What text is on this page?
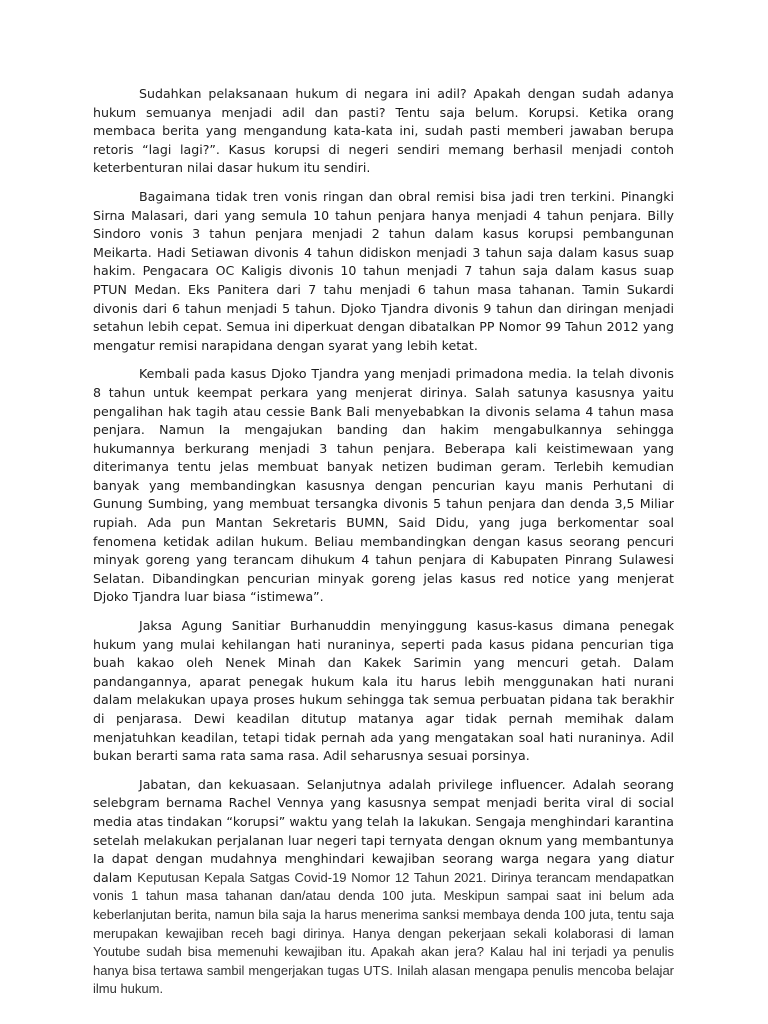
Sudahkan pelaksanaan hukum di negara ini adil? Apakah dengan sudah adanya hukum semuanya menjadi adil dan pasti? Tentu saja belum. Korupsi. Ketika orang membaca berita yang mengandung kata-kata ini, sudah pasti memberi jawaban berupa retoris “lagi lagi?”. Kasus korupsi di negeri sendiri memang berhasil menjadi contoh keterbenturan nilai dasar hukum itu sendiri.

Bagaimana tidak tren vonis ringan dan obral remisi bisa jadi tren terkini. Pinangki Sirna Malasari, dari yang semula 10 tahun penjara hanya menjadi 4 tahun penjara. Billy Sindoro vonis 3 tahun penjara menjadi 2 tahun dalam kasus korupsi pembangunan Meikarta. Hadi Setiawan divonis 4 tahun didiskon menjadi 3 tahun saja dalam kasus suap hakim. Pengacara OC Kaligis divonis 10 tahun menjadi 7 tahun saja dalam kasus suap PTUN Medan. Eks Panitera dari 7 tahu menjadi 6 tahun masa tahanan. Tamin Sukardi divonis dari 6 tahun menjadi 5 tahun. Djoko Tjandra divonis 9 tahun dan diringan menjadi setahun lebih cepat. Semua ini diperkuat dengan dibatalkan PP Nomor 99 Tahun 2012 yang mengatur remisi narapidana dengan syarat yang lebih ketat.

Kembali pada kasus Djoko Tjandra yang menjadi primadona media. Ia telah divonis 8 tahun untuk keempat perkara yang menjerat dirinya. Salah satunya kasusnya yaitu pengalihan hak tagih atau cessie Bank Bali menyebabkan Ia divonis selama 4 tahun masa penjara. Namun Ia mengajukan banding dan hakim mengabulkannya sehingga hukumannya berkurang menjadi 3 tahun penjara. Beberapa kali keistimewaan yang diterimanya tentu jelas membuat banyak netizen budiman geram. Terlebih kemudian banyak yang membandingkan kasusnya dengan pencurian kayu manis Perhutani di Gunung Sumbing, yang membuat tersangka divonis 5 tahun penjara dan denda 3,5 Miliar rupiah. Ada pun Mantan Sekretaris BUMN, Said Didu, yang juga berkomentar soal fenomena ketidak adilan hukum. Beliau membandingkan dengan kasus seorang pencuri minyak goreng yang terancam dihukum 4 tahun penjara di Kabupaten Pinrang Sulawesi Selatan. Dibandingkan pencurian minyak goreng jelas kasus red notice yang menjerat Djoko Tjandra luar biasa “istimewa”.

Jaksa Agung Sanitiar Burhanuddin menyinggung kasus-kasus dimana penegak hukum yang mulai kehilangan hati nuraninya, seperti pada kasus pidana pencurian tiga buah kakao oleh Nenek Minah dan Kakek Sarimin yang mencuri getah. Dalam pandangannya, aparat penegak hukum kala itu harus lebih menggunakan hati nurani dalam melakukan upaya proses hukum sehingga tak semua perbuatan pidana tak berakhir di penjarasa. Dewi keadilan ditutup matanya agar tidak pernah memihak dalam menjatuhkan keadilan, tetapi tidak pernah ada yang mengatakan soal hati nuraninya. Adil bukan berarti sama rata sama rasa. Adil seharusnya sesuai porsinya.

Jabatan, dan kekuasaan. Selanjutnya adalah privilege influencer. Adalah seorang selebgram bernama Rachel Vennya yang kasusnya sempat menjadi berita viral di social media atas tindakan “korupsi” waktu yang telah Ia lakukan. Sengaja menghindari karantina setelah melakukan perjalanan luar negeri tapi ternyata dengan oknum yang membantunya Ia dapat dengan mudahnya menghindari kewajiban seorang warga negara yang diatur dalam Keputusan Kepala Satgas Covid-19 Nomor 12 Tahun 2021. Dirinya terancam mendapatkan vonis 1 tahun masa tahanan dan/atau denda 100 juta. Meskipun sampai saat ini belum ada keberlanjutan berita, namun bila saja Ia harus menerima sanksi membaya denda 100 juta, tentu saja merupakan kewajiban receh bagi dirinya. Hanya dengan pekerjaan sekali kolaborasi di laman Youtube sudah bisa memenuhi kewajiban itu. Apakah akan jera? Kalau hal ini terjadi ya penulis hanya bisa tertawa sambil mengerjakan tugas UTS. Inilah alasan mengapa penulis mencoba belajar ilmu hukum.
